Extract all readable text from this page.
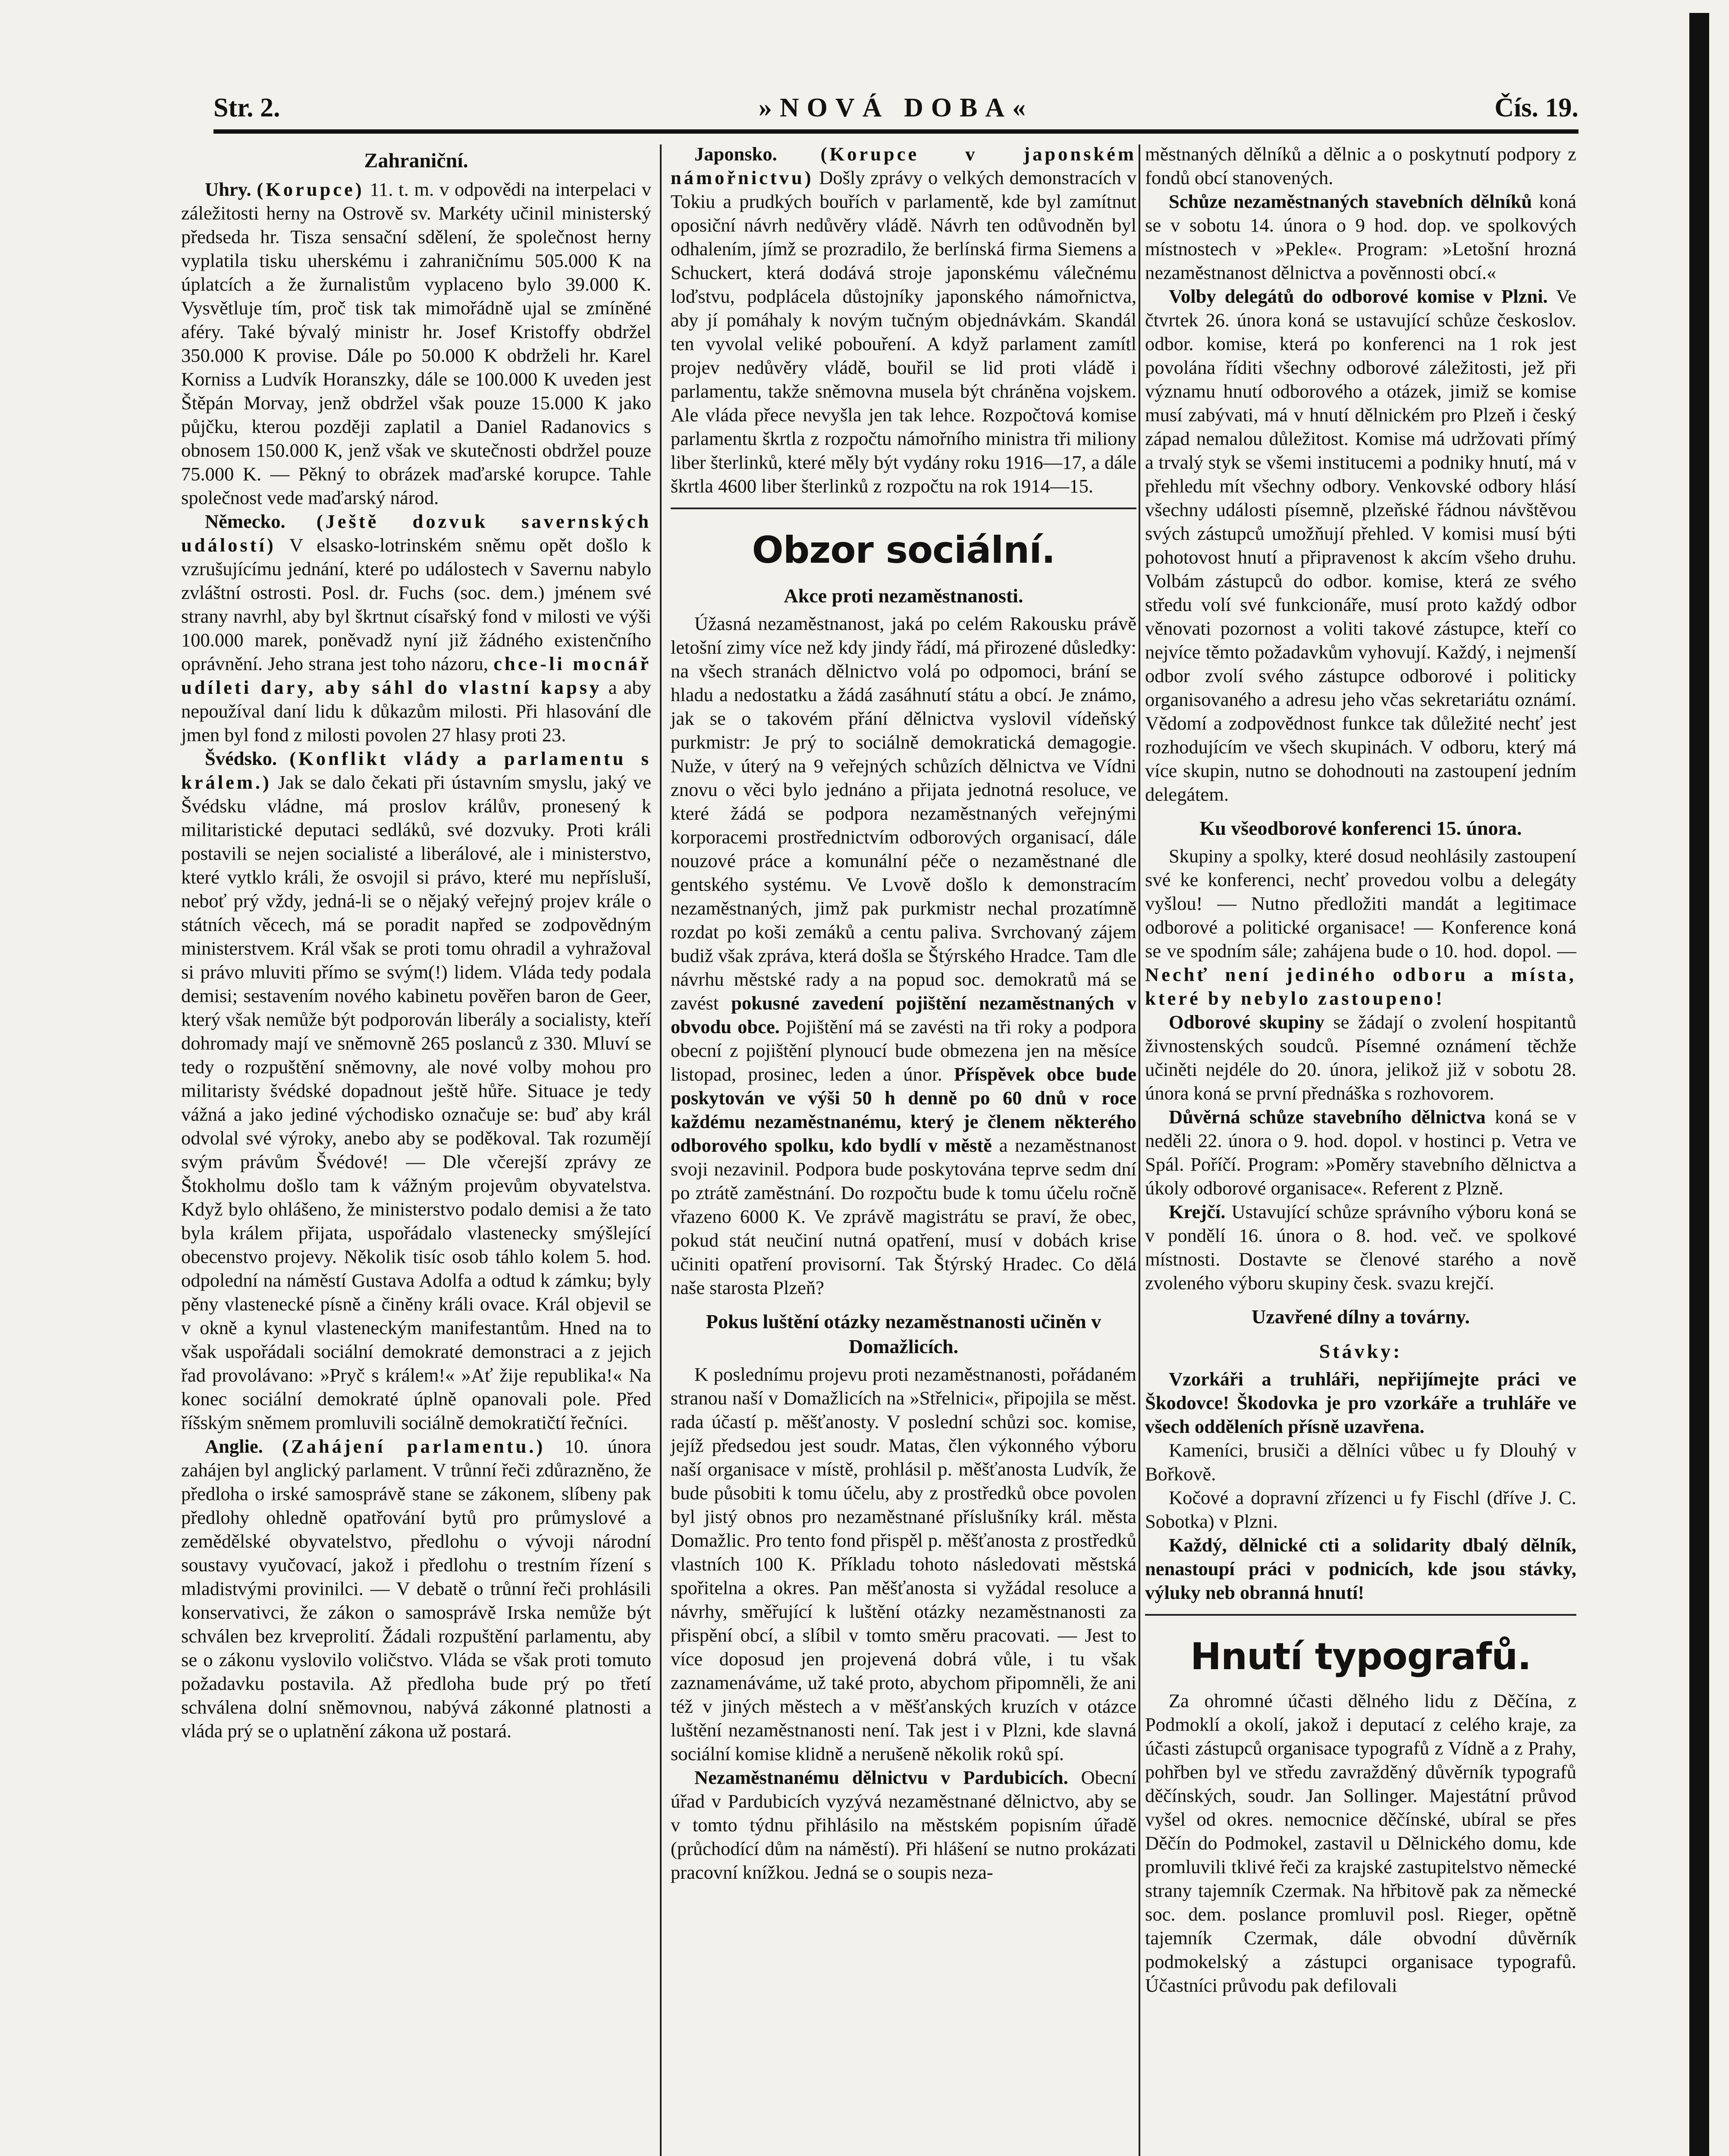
Str. 2.	»NOVÁ DOBA«	Čís. 19.
Zahraniční.

Uhry. (Korupce) 11. t. m. v odpovědi na interpelaci v záležitosti herny na Ostrově sv. Markéty učinil ministerský předseda hr. Tisza sensační sdělení, že společnost herny vyplatila tisku uherskému i zahraničnímu 505.000 K na úplatcích a že žurnalistům vyplaceno bylo 39.000 K. Vysvětluje tím, proč tisk tak mimořádně ujal se zmíněné aféry. Také bývalý ministr hr. Josef Kristoffy obdržel 350.000 K provise. Dále po 50.000 K obdrželi hr. Karel Korniss a Ludvík Horanszky, dále se 100.000 K uveden jest Štěpán Morvay, jenž obdržel však pouze 15.000 K jako půjčku, kterou později zaplatil a Daniel Radanovics s obnosem 150.000 K, jenž však ve skutečnosti obdržel pouze 75.000 K. — Pěkný to obrázek maďarské korupce. Tahle společnost vede maďarský národ.

Německo. (Ještě dozvuk savernských událostí) V elsasko-lotrinském sněmu opět došlo k vzrušujícímu jednání, které po událostech v Savernu nabylo zvláštní ostrosti. Posl. dr. Fuchs (soc. dem.) jménem své strany navrhl, aby byl škrtnut císařský fond v milosti ve výši 100.000 marek, poněvadž nyní již žádného existenčního oprávnění. Jeho strana jest toho názoru, chce-li mocnář udíleti dary, aby sáhl do vlastní kapsy a aby nepoužíval daní lidu k důkazům milosti. Při hlasování dle jmen byl fond z milosti povolen 27 hlasy proti 23.

Švédsko. (Konflikt vlády a parlamentu s králem.) Jak se dalo čekati při ústavním smyslu, jaký ve Švédsku vládne, má proslov králův, pronesený k militaristické deputaci sedláků, své dozvuky. Proti králi postavili se nejen socialisté a liberálové, ale i ministerstvo, které vytklo králi, že osvojil si právo, které mu nepřísluší, neboť prý vždy, jedná-li se o nějaký veřejný projev krále o státních věcech, má se poradit napřed se zodpovědným ministerstvem. Král však se proti tomu ohradil a vyhražoval si právo mluviti přímo se svým(!) lidem. Vláda tedy podala demisi; sestavením nového kabinetu pověřen baron de Geer, který však nemůže být podporován liberály a socialisty, kteří dohromady mají ve sněmovně 265 poslanců z 330. Mluví se tedy o rozpuštění sněmovny, ale nové volby mohou pro militaristy švédské dopadnout ještě hůře. Situace je tedy vážná a jako jediné východisko označuje se: buď aby král odvolal své výroky, anebo aby se poděkoval. Tak rozumějí svým právům Švédové! — Dle včerejší zprávy ze Štokholmu došlo tam k vážným projevům obyvatelstva. Když bylo ohlášeno, že ministerstvo podalo demisi a že tato byla králem přijata, uspořádalo vlastenecky smýšlející obecenstvo projevy. Několik tisíc osob táhlo kolem 5. hod. odpolední na náměstí Gustava Adolfa a odtud k zámku; byly pěny vlastenecké písně a činěny králi ovace. Král objevil se v okně a kynul vlasteneckým manifestantům. Hned na to však uspořádali sociální demokraté demonstraci a z jejich řad provolávano: »Pryč s králem!« »Ať žije republika!« Na konec sociální demokraté úplně opanovali pole. Před říšským sněmem promluvili sociálně demokratičtí řečníci.

Anglie. (Zahájení parlamentu.) 10. února zahájen byl anglický parlament. V trůnní řeči zdůrazněno, že předloha o irské samosprávě stane se zákonem, slíbeny pak předlohy ohledně opatřování bytů pro průmyslové a zemědělské obyvatelstvo, předlohu o vývoji národní soustavy vyučovací, jakož i předlohu o trestním řízení s mladistvými provinilci. — V debatě o trůnní řeči prohlásili konservativci, že zákon o samosprávě Irska nemůže být schválen bez krveprolití. Žádali rozpuštění parlamentu, aby se o zákonu vyslovilo voličstvo. Vláda se však proti tomuto požadavku postavila. Až předloha bude prý po třetí schválena dolní sněmovnou, nabývá zákonné platnosti a vláda prý se o uplatnění zákona už postará.

Japonsko. (Korupce v japonském námořnictvu) Došly zprávy o velkých demonstracích v Tokiu a prudkých bouřích v parlamentě, kde byl zamítnut oposiční návrh nedůvěry vládě. Návrh ten odůvodněn byl odhalením, jímž se prozradilo, že berlínská firma Siemens a Schuckert, která dodává stroje japonskému válečnému loďstvu, podplácela důstojníky japonského námořnictva, aby jí pomáhaly k novým tučným objednávkám. Skandál ten vyvolal veliké pobouření. A když parlament zamítl projev nedůvěry vládě, bouřil se lid proti vládě i parlamentu, takže sněmovna musela být chráněna vojskem. Ale vláda přece nevyšla jen tak lehce. Rozpočtová komise parlamentu škrtla z rozpočtu námořního ministra tři miliony liber šterlinků, které měly být vydány roku 1916—17, a dále škrtla 4600 liber šterlinků z rozpočtu na rok 1914—15.

Obzor sociální.
Akce proti nezaměstnanosti.

Úžasná nezaměstnanost, jaká po celém Rakousku právě letošní zimy více než kdy jindy řádí, má přirozené důsledky: na všech stranách dělnictvo volá po odpomoci, brání se hladu a nedostatku a žádá zasáhnutí státu a obcí. Je známo, jak se o takovém přání dělnictva vyslovil vídeňský purkmistr: Je prý to sociálně demokratická demagogie. Nuže, v úterý na 9 veřejných schůzích dělnictva ve Vídni znovu o věci bylo jednáno a přijata jednotná resoluce, ve které žádá se podpora nezaměstnaných veřejnými korporacemi prostřednictvím odborových organisací, dále nouzové práce a komunální péče o nezaměstnané dle gentského systému. Ve Lvově došlo k demonstracím nezaměstnaných, jimž pak purkmistr nechal prozatímně rozdat po koši zemáků a centu paliva. Svrchovaný zájem budiž však zpráva, která došla se Štýrského Hradce. Tam dle návrhu městské rady a na popud soc. demokratů má se zavést pokusné zavedení pojištění nezaměstnaných v obvodu obce. Pojištění má se zavésti na tři roky a podpora obecní z pojištění plynoucí bude obmezena jen na měsíce listopad, prosinec, leden a únor. Příspěvek obce bude poskytován ve výši 50 h denně po 60 dnů v roce každému nezaměstnanému, který je členem některého odborového spolku, kdo bydlí v městě a nezaměstnanost svoji nezavinil. Podpora bude poskytována teprve sedm dní po ztrátě zaměstnání. Do rozpočtu bude k tomu účelu ročně vřazeno 6000 K. Ve zprávě magistrátu se praví, že obec, pokud stát neučiní nutná opatření, musí v dobách krise učiniti opatření provisorní. Tak Štýrský Hradec. Co dělá naše starosta Plzeň?

Pokus luštění otázky nezaměstnanosti učiněn v Domažlicích.

K poslednímu projevu proti nezaměstnanosti, pořádaném stranou naší v Domažlicích na »Střelnici«, připojila se měst. rada účastí p. měšťanosty. V poslední schůzi soc. komise, jejíž předsedou jest soudr. Matas, člen výkonného výboru naší organisace v místě, prohlásil p. měšťanosta Ludvík, že bude působiti k tomu účelu, aby z prostředků obce povolen byl jistý obnos pro nezaměstnané příslušníky král. města Domažlic. Pro tento fond přispěl p. měšťanosta z prostředků vlastních 100 K. Příkladu tohoto následovati městská spořitelna a okres. Pan měšťanosta si vyžádal resoluce a návrhy, směřující k luštění otázky nezaměstnanosti za přispění obcí, a slíbil v tomto směru pracovati. — Jest to více doposud jen projevená dobrá vůle, i tu však zaznamenáváme, už také proto, abychom připomněli, že ani též v jiných městech a v měšťanských kruzích v otázce luštění nezaměstnanosti není. Tak jest i v Plzni, kde slavná sociální komise klidně a nerušeně několik roků spí.

Nezaměstnanému dělnictvu v Pardubicích. Obecní úřad v Pardubicích vyzývá nezaměstnané dělnictvo, aby se v tomto týdnu přihlásilo na městském popisním úřadě (průchodící dům na náměstí). Při hlášení se nutno prokázati pracovní knížkou. Jedná se o soupis neza-

městnaných dělníků a dělnic a o poskytnutí podpory z fondů obcí stanovených.

Schůze nezaměstnaných stavebních dělníků koná se v sobotu 14. února o 9 hod. dop. ve spolkových místnostech v »Pekle«. Program: »Letošní hrozná nezaměstnanost dělnictva a pověnnosti obcí.«

Volby delegátů do odborové komise v Plzni. Ve čtvrtek 26. února koná se ustavující schůze českoslov. odbor. komise, která po konferenci na 1 rok jest povolána říditi všechny odborové záležitosti, jež při významu hnutí odborového a otázek, jimiž se komise musí zabývati, má v hnutí dělnickém pro Plzeň i český západ nemalou důležitost. Komise má udržovati přímý a trvalý styk se všemi institucemi a podniky hnutí, má v přehledu mít všechny odbory. Venkovské odbory hlásí všechny události písemně, plzeňské řádnou návštěvou svých zástupců umožňují přehled. V komisi musí býti pohotovost hnutí a připravenost k akcím všeho druhu. Volbám zástupců do odbor. komise, která ze svého středu volí své funkcionáře, musí proto každý odbor věnovati pozornost a voliti takové zástupce, kteří co nejvíce těmto požadavkům vyhovují. Každý, i nejmenší odbor zvolí svého zástupce odborové i politicky organisovaného a adresu jeho včas sekretariátu oznámí. Vědomí a zodpovědnost funkce tak důležité nechť jest rozhodujícím ve všech skupinách. V odboru, který má více skupin, nutno se dohodnouti na zastoupení jedním delegátem.

Ku všeodborové konferenci 15. února.

Skupiny a spolky, které dosud neohlásily zastoupení své ke konferenci, nechť provedou volbu a delegáty vyšlou! — Nutno předložiti mandát a legitimace odborové a politické organisace! — Konference koná se ve spodním sále; zahájena bude o 10. hod. dopol. — Nechť není jediného odboru a místa, které by nebylo zastoupeno!

Odborové skupiny se žádají o zvolení hospitantů živnostenských soudců. Písemné oznámení těchže učiněti nejdéle do 20. února, jelikož již v sobotu 28. února koná se první přednáška s rozhovorem.

Důvěrná schůze stavebního dělnictva koná se v neděli 22. února o 9. hod. dopol. v hostinci p. Vetra ve Spál. Poříčí. Program: »Poměry stavebního dělnictva a úkoly odborové organisace«. Referent z Plzně.

Krejčí. Ustavující schůze správního výboru koná se v pondělí 16. února o 8. hod. več. ve spolkové místnosti. Dostavte se členové starého a nově zvoleného výboru skupiny česk. svazu krejčí.

Uzavřené dílny a továrny.
Stávky:

Vzorkáři a truhláři, nepřijímejte práci ve Škodovce! Škodovka je pro vzorkáře a truhláře ve všech odděleních přísně uzavřena.

Kameníci, brusiči a dělníci vůbec u fy Dlouhý v Bořkově.

Kočové a dopravní zřízenci u fy Fischl (dříve J. C. Sobotka) v Plzni.

Každý, dělnické cti a solidarity dbalý dělník, nenastoupí práci v podnicích, kde jsou stávky, výluky neb obranná hnutí!

Hnutí typografů.

Za ohromné účasti dělného lidu z Děčína, z Podmoklí a okolí, jakož i deputací z celého kraje, za účasti zástupců organisace typografů z Vídně a z Prahy, pohřben byl ve středu zavražděný důvěrník typografů děčínských, soudr. Jan Sollinger. Majestátní průvod vyšel od okres. nemocnice děčínské, ubíral se přes Děčín do Podmokel, zastavil u Dělnického domu, kde promluvili tklivé řeči za krajské zastupitelstvo německé strany tajemník Czermak. Na hřbitově pak za německé soc. dem. poslance promluvil posl. Rieger, opětně tajemník Czermak, dále obvodní důvěrník podmokelský a zástupci organisace typografů. Účastníci průvodu pak defilovali
